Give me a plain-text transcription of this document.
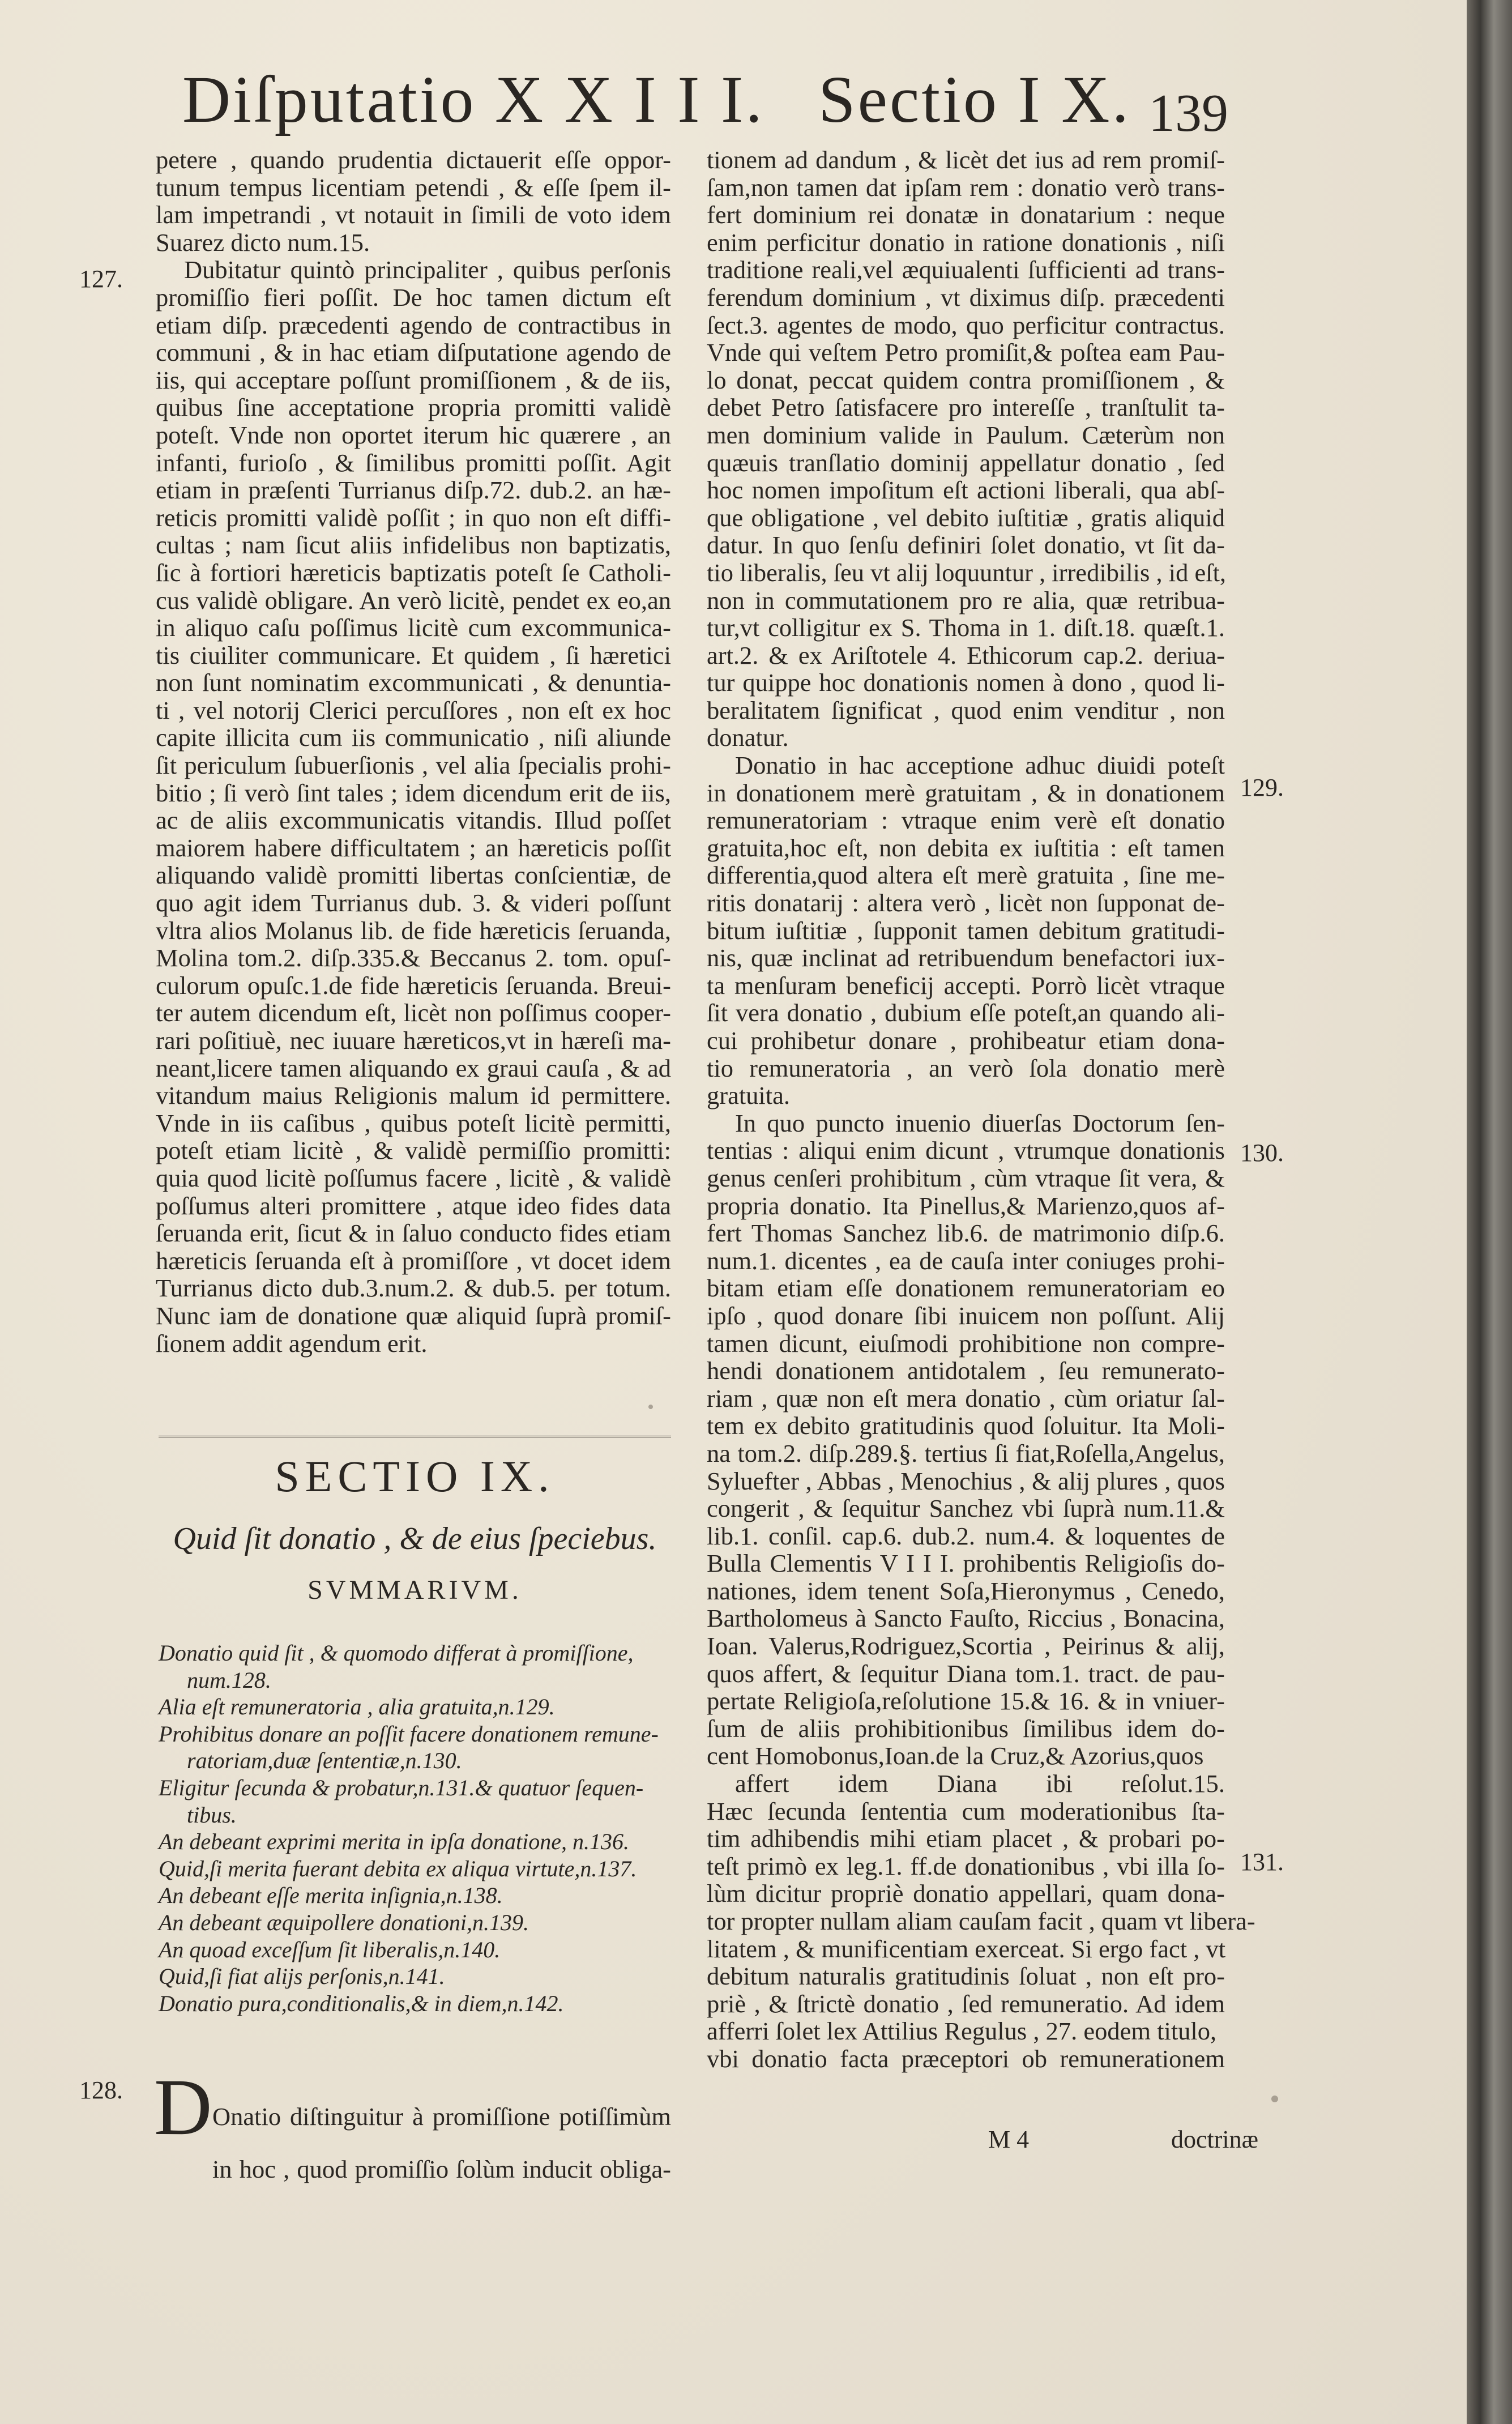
Diſputatio X X I I I. Sectio I X. 139

petere , quando prudentia dictauerit eſſe oppor-

tunum tempus licentiam petendi , & eſſe ſpem il-

lam impetrandi , vt notauit in ſimili de voto idem

Suarez dicto num.15.

Dubitatur quintò principaliter , quibus perſonis

promiſſio fieri poſſit. De hoc tamen dictum eſt

etiam diſp. præcedenti agendo de contractibus in

communi , & in hac etiam diſputatione agendo de

iis, qui acceptare poſſunt promiſſionem , & de iis,

quibus ſine acceptatione propria promitti validè

poteſt. Vnde non oportet iterum hic quærere , an

infanti, furioſo , & ſimilibus promitti poſſit. Agit

etiam in præſenti Turrianus diſp.72. dub.2. an hæ-

reticis promitti validè poſſit ; in quo non eſt diffi-

cultas ; nam ſicut aliis infidelibus non baptizatis,

ſic à fortiori hæreticis baptizatis poteſt ſe Catholi-

cus validè obligare. An verò licitè, pendet ex eo,an

in aliquo caſu poſſimus licitè cum excommunica-

tis ciuiliter communicare. Et quidem , ſi hæretici

non ſunt nominatim excommunicati , & denuntia-

ti , vel notorij Clerici percuſſores , non eſt ex hoc

capite illicita cum iis communicatio , niſi aliunde

ſit periculum ſubuerſionis , vel alia ſpecialis prohi-

bitio ; ſi verò ſint tales ; idem dicendum erit de iis,

ac de aliis excommunicatis vitandis. Illud poſſet

maiorem habere difficultatem ; an hæreticis poſſit

aliquando validè promitti libertas conſcientiæ, de

quo agit idem Turrianus dub. 3. & videri poſſunt

vltra alios Molanus lib. de fide hæreticis ſeruanda,

Molina tom.2. diſp.335.& Beccanus 2. tom. opuſ-

culorum opuſc.1.de fide hæreticis ſeruanda. Breui-

ter autem dicendum eſt, licèt non poſſimus cooper-

rari poſitiuè, nec iuuare hæreticos,vt in hæreſi ma-

neant,licere tamen aliquando ex graui cauſa , & ad

vitandum maius Religionis malum id permittere.

Vnde in iis caſibus , quibus poteſt licitè permitti,

poteſt etiam licitè , & validè permiſſio promitti:

quia quod licitè poſſumus facere , licitè , & validè

poſſumus alteri promittere , atque ideo fides data

ſeruanda erit, ſicut & in ſaluo conducto fides etiam

hæreticis ſeruanda eſt à promiſſore , vt docet idem

Turrianus dicto dub.3.num.2. & dub.5. per totum.

Nunc iam de donatione quæ aliquid ſuprà promiſ-

ſionem addit agendum erit.

127.
SECTIO IX.
Quid ſit donatio , & de eius ſpeciebus.
SVMMARIVM.
Donatio quid ſit , & quomodo differat à promiſſione,
num.128.
Alia eſt remuneratoria , alia gratuita,n.129.
Prohibitus donare an poſſit facere donationem remune-
ratoriam,duæ ſententiæ,n.130.
Eligitur ſecunda & probatur,n.131.& quatuor ſequen-
tibus.
An debeant exprimi merita in ipſa donatione, n.136.
Quid,ſi merita fuerant debita ex aliqua virtute,n.137.
An debeant eſſe merita inſignia,n.138.
An debeant æquipollere donationi,n.139.
An quoad exceſſum ſit liberalis,n.140.
Quid,ſi fiat alijs perſonis,n.141.
Donatio pura,conditionalis,& in diem,n.142.
128. D Onatio diſtinguitur à promiſſione potiſſimùm

in hoc , quod promiſſio ſolùm inducit obliga-

tionem ad dandum , & licèt det ius ad rem promiſ-

ſam,non tamen dat ipſam rem : donatio verò trans-

fert dominium rei donatæ in donatarium : neque

enim perficitur donatio in ratione donationis , niſi

traditione reali,vel æquiualenti ſufficienti ad trans-

ferendum dominium , vt diximus diſp. præcedenti

ſect.3. agentes de modo, quo perficitur contractus.

Vnde qui veſtem Petro promiſit,& poſtea eam Pau-

lo donat, peccat quidem contra promiſſionem , &

debet Petro ſatisfacere pro intereſſe , tranſtulit ta-

men dominium valide in Paulum. Cæterùm non

quæuis tranſlatio dominij appellatur donatio , ſed

hoc nomen impoſitum eſt actioni liberali, qua abſ-

que obligatione , vel debito iuſtitiæ , gratis aliquid

datur. In quo ſenſu definiri ſolet donatio, vt ſit da-

tio liberalis, ſeu vt alij loquuntur , irredibilis , id eſt,

non in commutationem pro re alia, quæ retribua-

tur,vt colligitur ex S. Thoma in 1. diſt.18. quæſt.1.

art.2. & ex Ariſtotele 4. Ethicorum cap.2. deriua-

tur quippe hoc donationis nomen à dono , quod li-

beralitatem ſignificat , quod enim venditur , non

donatur.

Donatio in hac acceptione adhuc diuidi poteſt

in donationem merè gratuitam , & in donationem

remuneratoriam : vtraque enim verè eſt donatio

gratuita,hoc eſt, non debita ex iuſtitia : eſt tamen

differentia,quod altera eſt merè gratuita , ſine me-

ritis donatarij : altera verò , licèt non ſupponat de-

bitum iuſtitiæ , ſupponit tamen debitum gratitudi-

nis, quæ inclinat ad retribuendum benefactori iux-

ta menſuram beneficij accepti. Porrò licèt vtraque

ſit vera donatio , dubium eſſe poteſt,an quando ali-

cui prohibetur donare , prohibeatur etiam dona-

tio remuneratoria , an verò ſola donatio merè

gratuita.

In quo puncto inuenio diuerſas Doctorum ſen-

tentias : aliqui enim dicunt , vtrumque donationis

genus cenſeri prohibitum , cùm vtraque ſit vera, &

propria donatio. Ita Pinellus,& Marienzo,quos af-

fert Thomas Sanchez lib.6. de matrimonio diſp.6.

num.1. dicentes , ea de cauſa inter coniuges prohi-

bitam etiam eſſe donationem remuneratoriam eo

ipſo , quod donare ſibi inuicem non poſſunt. Alij

tamen dicunt, eiuſmodi prohibitione non compre-

hendi donationem antidotalem , ſeu remunerato-

riam , quæ non eſt mera donatio , cùm oriatur ſal-

tem ex debito gratitudinis quod ſoluitur. Ita Moli-

na tom.2. diſp.289.§. tertius ſi fiat,Roſella,Angelus,

Syluefter , Abbas , Menochius , & alij plures , quos

congerit , & ſequitur Sanchez vbi ſuprà num.11.&

lib.1. conſil. cap.6. dub.2. num.4. & loquentes de

Bulla Clementis V I I I. prohibentis Religioſis do-

nationes, idem tenent Soſa,Hieronymus , Cenedo,

Bartholomeus à Sancto Fauſto, Riccius , Bonacina,

Ioan. Valerus,Rodriguez,Scortia , Peirinus & alij,

quos affert, & ſequitur Diana tom.1. tract. de pau-

pertate Religioſa,reſolutione 15.& 16. & in vniuer-

ſum de aliis prohibitionibus ſimilibus idem do-

cent Homobonus,Ioan.de la Cruz,& Azorius,quos

affert idem Diana ibi reſolut.15.

Hæc ſecunda ſententia cum moderationibus ſta-

tim adhibendis mihi etiam placet , & probari po-

teſt primò ex leg.1. ff.de donationibus , vbi illa ſo-

lùm dicitur propriè donatio appellari, quam dona-

tor propter nullam aliam cauſam facit , quam vt libera-

litatem , & munificentiam exerceat. Si ergo fact , vt

debitum naturalis gratitudinis ſoluat , non eſt pro-

priè , & ſtrictè donatio , ſed remuneratio. Ad idem

afferri ſolet lex Attilius Regulus , 27. eodem titulo,

vbi donatio facta præceptori ob remunerationem

129.
130.
131.
M 4	doctrinæ
